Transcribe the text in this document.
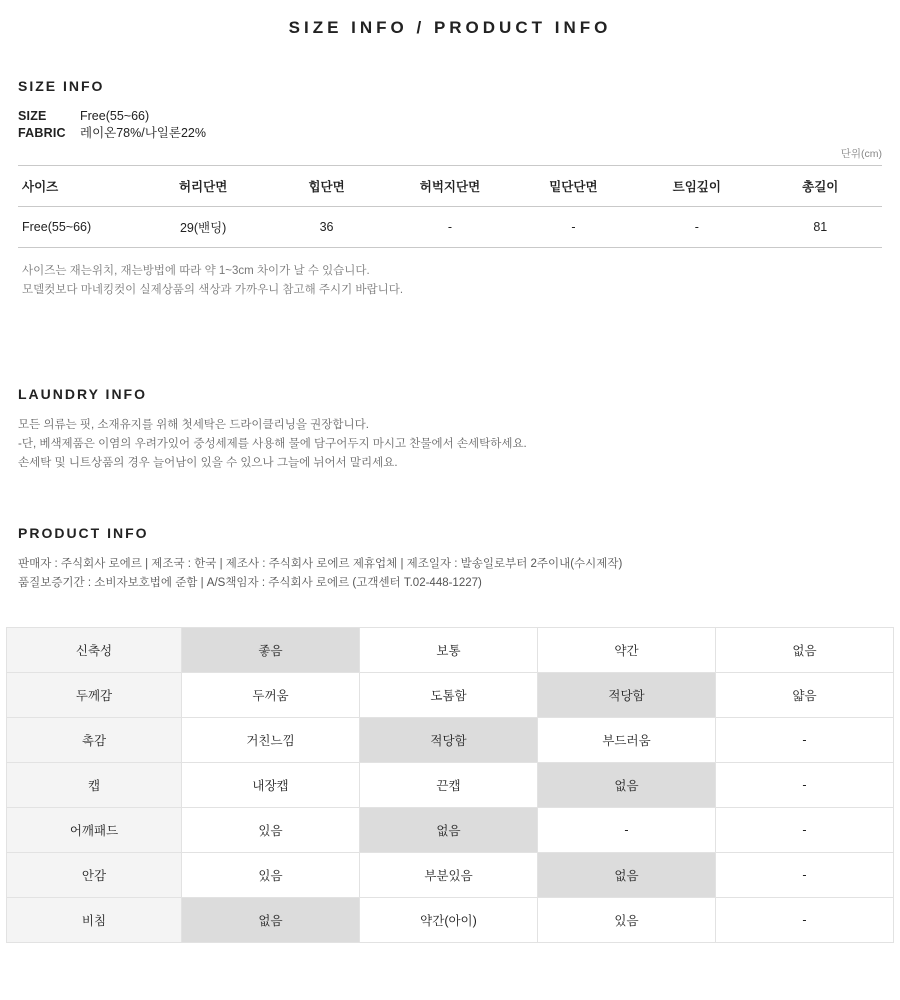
SIZE INFO / PRODUCT INFO
SIZE INFO
SIZE	Free(55~66)
FABRIC	레이온78%/나일론22%
단위(cm)
사이즈	허리단면	힙단면	허벅지단면	밑단단면	트임깊이	총길이
Free(55~66)	29(밴딩)	36	-	-	-	81
사이즈는 재는위치, 재는방법에 따라 약 1~3cm 차이가 날 수 있습니다.
모델컷보다 마네킹컷이 실제상품의 색상과 가까우니 참고해 주시기 바랍니다.
LAUNDRY INFO
모든 의류는 핏, 소재유지를 위해 첫세탁은 드라이클리닝을 권장합니다.
-단, 베색제품은 이염의 우려가있어 중성세제를 사용해 물에 담구어두지 마시고 찬물에서 손세탁하세요.
손세탁 및 니트상품의 경우 늘어남이 있을 수 있으나 그늘에 뉘어서 말리세요.
PRODUCT INFO
판매자 : 주식회사 로에르 | 제조국 : 한국 | 제조사 : 주식회사 로에르 제휴업체 | 제조일자 : 발송일로부터 2주이내(수시제작)
품질보증기간 : 소비자보호법에 준함 | A/S책임자 : 주식회사 로에르 (고객센터 T.02-448-1227)
신축성	좋음	보통	약간	없음
두께감	두꺼움	도톰함	적당함	얇음
촉감	거친느낌	적당함	부드러움	-
캡	내장캡	끈캡	없음	-
어깨패드	있음	없음	-	-
안감	있음	부분있음	없음	-
비침	없음	약간(아이)	있음	-
